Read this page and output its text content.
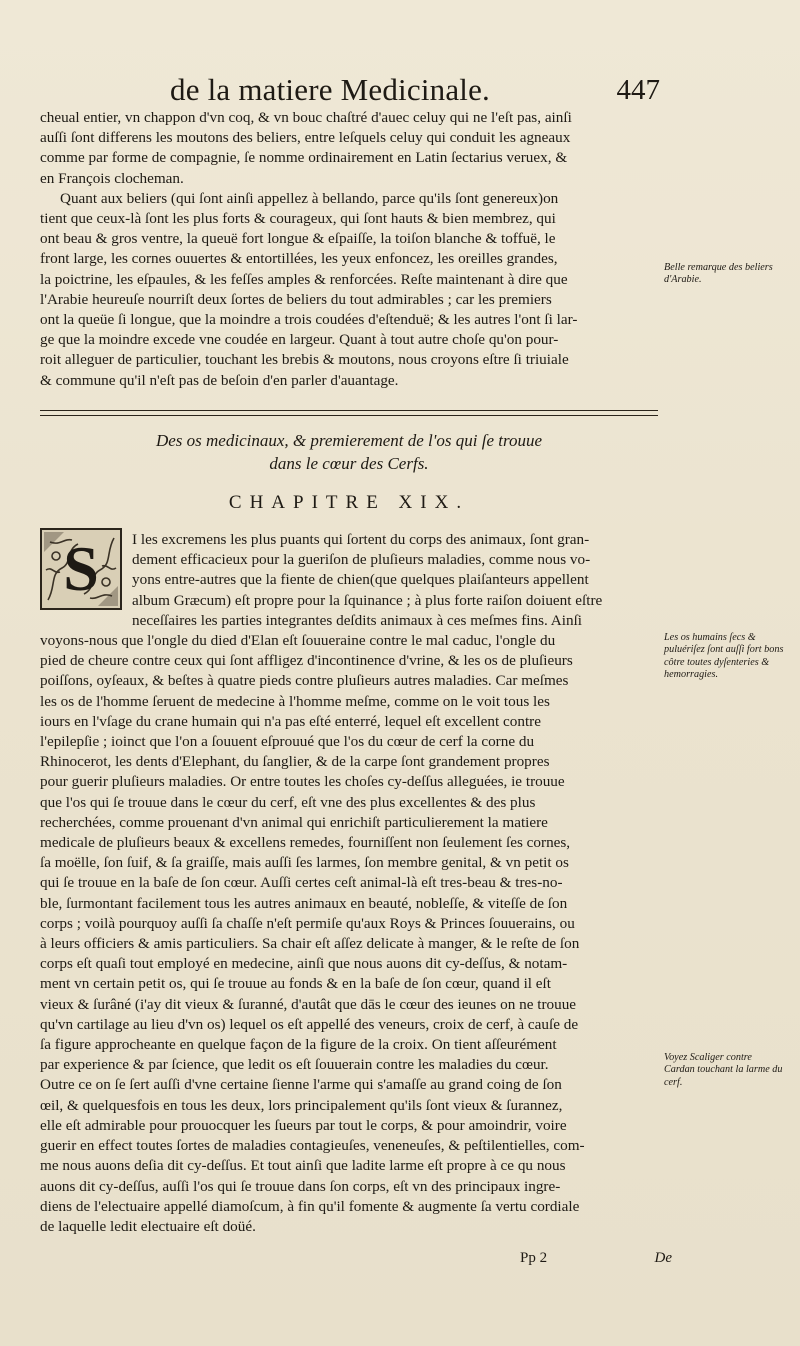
de la matiere Medicinale.	447

cheual entier, vn chappon d'vn coq, & vn bouc chaſtré d'auec celuy qui ne l'eſt pas, ainſi

auſſi ſont differens les moutons des beliers, entre leſquels celuy qui conduit les agneaux

comme par forme de compagnie, ſe nomme ordinairement en Latin ſectarius veruex, &

en François clocheman.

Quant aux beliers (qui ſont ainſi appellez à bellando, parce qu'ils ſont genereux)on

tient que ceux-là ſont les plus forts & courageux, qui ſont hauts & bien membrez, qui

ont beau & gros ventre, la queuë fort longue & eſpaiſſe, la toiſon blanche & toffuë, le

front large, les cornes ouuertes & entortillées, les yeux enfoncez, les oreilles grandes,

la poictrine, les eſpaules, & les feſſes amples & renforcées. Reſte maintenant à dire que

l'Arabie heureuſe nourriſt deux ſortes de beliers du tout admirables ; car les premiers

ont la queüe ſi longue, que la moindre a trois coudées d'eſtenduë; & les autres l'ont ſi lar-

ge que la moindre excede vne coudée en largeur. Quant à tout autre choſe qu'on pour-

roit alleguer de particulier, touchant les brebis & moutons, nous croyons eſtre ſi triuiale

& commune qu'il n'eſt pas de beſoin d'en parler d'auantage.

Belle remarque des beliers d'Arabie.
Des os medicinaux, & premierement de l'os qui ſe trouue
dans le cœur des Cerfs.
CHAPITRE XIX.
S	I les excremens les plus puants qui ſortent du corps des animaux, ſont gran-

dement efficacieux pour la gueriſon de pluſieurs maladies, comme nous vo-

yons entre-autres que la fiente de chien(que quelques plaiſanteurs appellent

album Græcum) eſt propre pour la ſquinance ; à plus forte raiſon doiuent eſtre

neceſſaires les parties integrantes deſdits animaux à ces meſmes fins. Ainſi

voyons-nous que l'ongle du died d'Elan eſt ſouueraine contre le mal caduc, l'ongle du

pied de cheure contre ceux qui ſont affligez d'incontinence d'vrine, & les os de pluſieurs

poiſſons, oyſeaux, & beſtes à quatre pieds contre pluſieurs autres maladies. Car meſmes

les os de l'homme ſeruent de medecine à l'homme meſme, comme on le voit tous les

iours en l'vſage du crane humain qui n'a pas eſté enterré, lequel eſt excellent contre

l'epilepſie ; ioinct que l'on a ſouuent eſprouué que l'os du cœur de cerf la corne du

Rhinocerot, les dents d'Elephant, du ſanglier, & de la carpe ſont grandement propres

pour guerir pluſieurs maladies. Or entre toutes les choſes cy-deſſus alleguées, ie trouue

que l'os qui ſe trouue dans le cœur du cerf, eſt vne des plus excellentes & des plus

recherchées, comme prouenant d'vn animal qui enrichiſt particulierement la matiere

medicale de pluſieurs beaux & excellens remedes, fourniſſent non ſeulement ſes cornes,

ſa moëlle, ſon ſuif, & ſa graiſſe, mais auſſi ſes larmes, ſon membre genital, & vn petit os

qui ſe trouue en la baſe de ſon cœur. Auſſi certes ceſt animal-là eſt tres-beau & tres-no-

ble, ſurmontant facilement tous les autres animaux en beauté, nobleſſe, & viteſſe de ſon

corps ; voilà pourquoy auſſi ſa chaſſe n'eſt permiſe qu'aux Roys & Princes ſouuerains, ou

à leurs officiers & amis particuliers. Sa chair eſt aſſez delicate à manger, & le reſte de ſon

corps eſt quaſi tout employé en medecine, ainſi que nous auons dit cy-deſſus, & notam-

ment vn certain petit os, qui ſe trouue au fonds & en la baſe de ſon cœur, quand il eſt

vieux & ſurâné (i'ay dit vieux & ſuranné, d'autât que dās le cœur des ieunes on ne trouue

qu'vn cartilage au lieu d'vn os) lequel os eſt appellé des veneurs, croix de cerf, à cauſe de

ſa figure approcheante en quelque façon de la figure de la croix. On tient aſſeurément

par experience & par ſcience, que ledit os eſt ſouuerain contre les maladies du cœur.

Outre ce on ſe ſert auſſi d'vne certaine ſienne l'arme qui s'amaſſe au grand coing de ſon

œil, & quelquesfois en tous les deux, lors principalement qu'ils ſont vieux & ſurannez,

elle eſt admirable pour prouocquer les ſueurs par tout le corps, & pour amoindrir, voire

guerir en effect toutes ſortes de maladies contagieuſes, veneneuſes, & peſtilentielles, com-

me nous auons deſia dit cy-deſſus. Et tout ainſi que ladite larme eſt propre à ce qu nous

auons dit cy-deſſus, auſſi l'os qui ſe trouue dans ſon corps, eſt vn des principaux ingre-

diens de l'electuaire appellé diamoſcum, à fin qu'il fomente & augmente ſa vertu cordiale

de laquelle ledit electuaire eſt doüé.

Les os humains ſecs & puluériſez ſont auſſi fort bons côtre toutes dyſenteries & hemorragies.
Voyez Scaliger contre Cardan touchant la larme du cerf.
Pp 2	De
